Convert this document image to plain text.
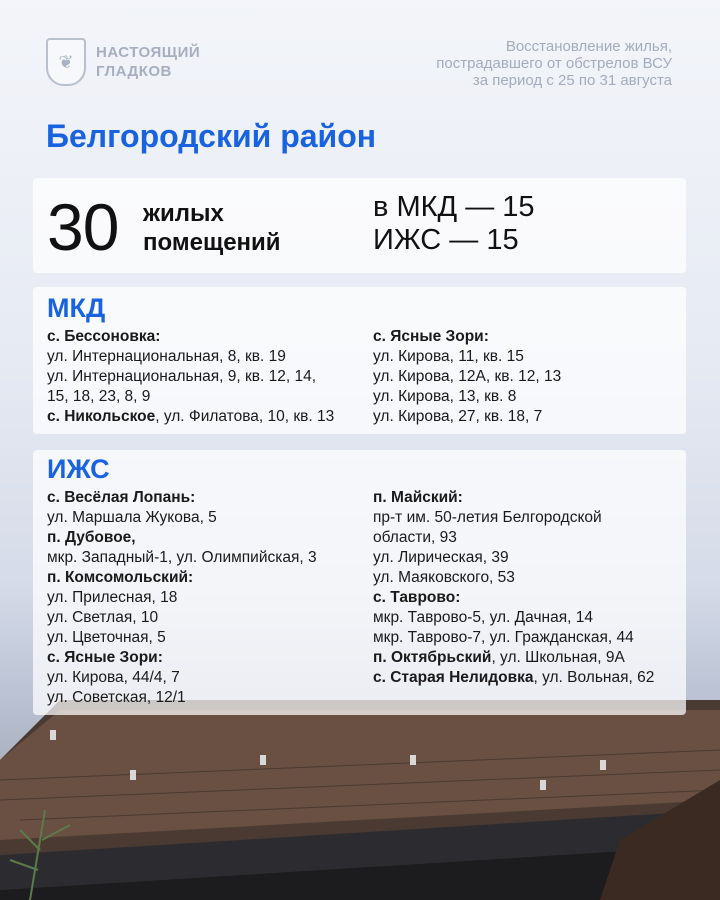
❦	НАСТОЯЩИЙ
ГЛАДКОВ
Восстановление жилья,
пострадавшего от обстрелов ВСУ
за период с 25 по 31 августа
Белгородский район
30 жилых
помещений
в МКД — 15
ИЖС — 15
МКД

с. Бессоновка:

ул. Интернациональная, 8, кв. 19

ул. Интернациональная, 9, кв. 12, 14,

15, 18, 23, 8, 9

с. Никольское, ул. Филатова, 10, кв. 13

с. Ясные Зори:

ул. Кирова, 11, кв. 15

ул. Кирова, 12А, кв. 12, 13

ул. Кирова, 13, кв. 8

ул. Кирова, 27, кв. 18, 7

ИЖС

с. Весёлая Лопань:

ул. Маршала Жукова, 5

п. Дубовое,

мкр. Западный-1, ул. Олимпийская, 3

п. Комсомольский:

ул. Прилесная, 18

ул. Светлая, 10

ул. Цветочная, 5

с. Ясные Зори:

ул. Кирова, 44/4, 7

ул. Советская, 12/1

п. Майский:

пр-т им. 50-летия Белгородской

области, 93

ул. Лирическая, 39

ул. Маяковского, 53

с. Таврово:

мкр. Таврово-5, ул. Дачная, 14

мкр. Таврово-7, ул. Гражданская, 44

п. Октябрьский, ул. Школьная, 9А

с. Старая Нелидовка, ул. Вольная, 62
